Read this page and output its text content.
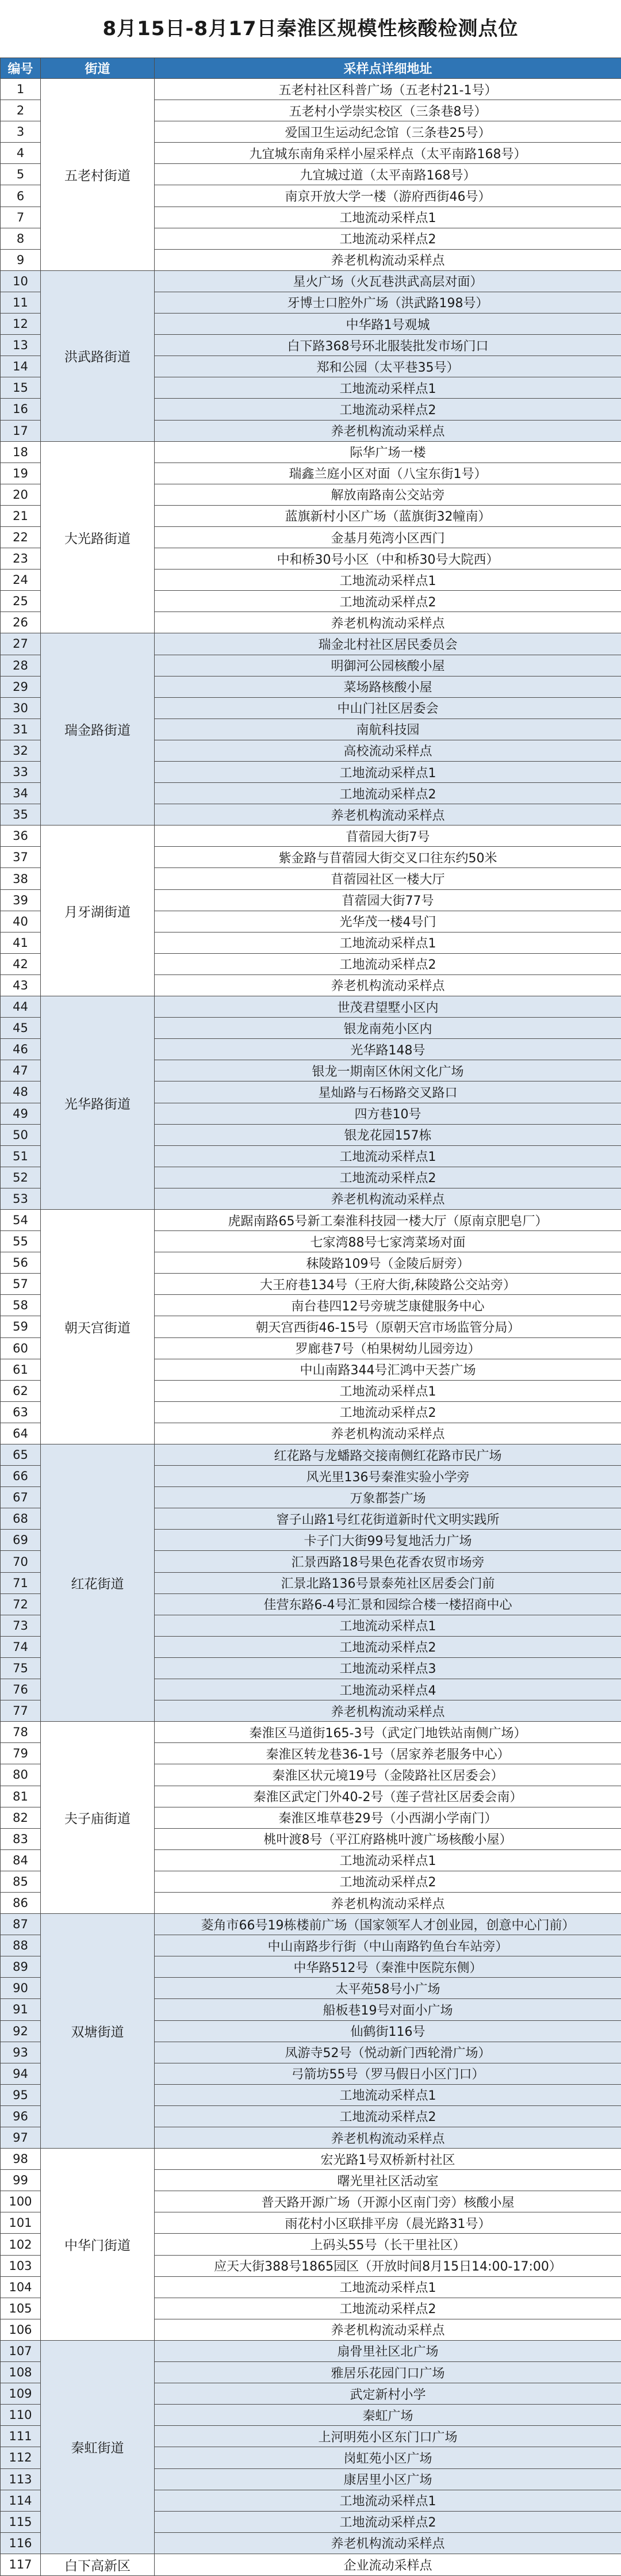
8月15日-8月17日秦淮区规模性核酸检测点位
编号	街道	采样点详细地址
1	五老村街道	五老村社区科普广场（五老村21-1号）
2		五老村小学崇实校区（三条巷8号）
3		爱国卫生运动纪念馆（三条巷25号）
4		九宜城东南角采样小屋采样点（太平南路168号）
5		九宜城过道（太平南路168号）
6		南京开放大学一楼（游府西街46号）
7		工地流动采样点1
8		工地流动采样点2
9		养老机构流动采样点
10	洪武路街道	星火广场（火瓦巷洪武高层对面）
11		牙博士口腔外广场（洪武路198号）
12		中华路1号观城
13		白下路368号环北服装批发市场门口
14		郑和公园（太平巷35号）
15		工地流动采样点1
16		工地流动采样点2
17		养老机构流动采样点
18	大光路街道	际华广场一楼
19		瑞鑫兰庭小区对面（八宝东街1号）
20		解放南路南公交站旁
21		蓝旗新村小区广场（蓝旗街32幢南）
22		金基月苑湾小区西门
23		中和桥30号小区（中和桥30号大院西）
24		工地流动采样点1
25		工地流动采样点2
26		养老机构流动采样点
27	瑞金路街道	瑞金北村社区居民委员会
28		明御河公园核酸小屋
29		菜场路核酸小屋
30		中山门社区居委会
31		南航科技园
32		高校流动采样点
33		工地流动采样点1
34		工地流动采样点2
35		养老机构流动采样点
36	月牙湖街道	苜蓿园大街7号
37		紫金路与苜蓿园大街交叉口往东约50米
38		苜蓿园社区一楼大厅
39		苜蓿园大街77号
40		光华茂一楼4号门
41		工地流动采样点1
42		工地流动采样点2
43		养老机构流动采样点
44	光华路街道	世茂君望墅小区内
45		银龙南苑小区内
46		光华路148号
47		银龙一期南区休闲文化广场
48		星灿路与石杨路交叉路口
49		四方巷10号
50		银龙花园157栋
51		工地流动采样点1
52		工地流动采样点2
53		养老机构流动采样点
54	朝天宫街道	虎踞南路65号新工秦淮科技园一楼大厅（原南京肥皂厂）
55		七家湾88号七家湾菜场对面
56		秣陵路109号（金陵后厨旁）
57		大王府巷134号（王府大街,秣陵路公交站旁）
58		南台巷四12号旁琥芝康健服务中心
59		朝天宫西街46-15号（原朝天宫市场监管分局）
60		罗廊巷7号（柏果树幼儿园旁边）
61		中山南路344号汇鸿中天荟广场
62		工地流动采样点1
63		工地流动采样点2
64		养老机构流动采样点
65	红花街道	红花路与龙蟠路交接南侧红花路市民广场
66		风光里136号秦淮实验小学旁
67		万象都荟广场
68		窨子山路1号红花街道新时代文明实践所
69		卡子门大街99号复地活力广场
70		汇景西路18号果色花香农贸市场旁
71		汇景北路136号景泰苑社区居委会门前
72		佳营东路6-4号汇景和园综合楼一楼招商中心
73		工地流动采样点1
74		工地流动采样点2
75		工地流动采样点3
76		工地流动采样点4
77		养老机构流动采样点
78	夫子庙街道	秦淮区马道街165-3号（武定门地铁站南侧广场）
79		秦淮区转龙巷36-1号（居家养老服务中心）
80		秦淮区状元境19号（金陵路社区居委会）
81		秦淮区武定门外40-2号（莲子营社区居委会南）
82		秦淮区堆草巷29号（小西湖小学南门）
83		桃叶渡8号（平江府路桃叶渡广场核酸小屋）
84		工地流动采样点1
85		工地流动采样点2
86		养老机构流动采样点
87	双塘街道	菱角市66号19栋楼前广场（国家领军人才创业园，创意中心门前）
88		中山南路步行街（中山南路钓鱼台车站旁）
89		中华路512号（秦淮中医院东侧）
90		太平苑58号小广场
91		船板巷19号对面小广场
92		仙鹤街116号
93		凤游寺52号（悦动新门西轮滑广场）
94		弓箭坊55号（罗马假日小区门口）
95		工地流动采样点1
96		工地流动采样点2
97		养老机构流动采样点
98	中华门街道	宏光路1号双桥新村社区
99		曙光里社区活动室
100		普天路开源广场（开源小区南门旁）核酸小屋
101		雨花村小区联排平房（晨光路31号）
102		上码头55号（长干里社区）
103		应天大街388号1865园区（开放时间8月15日14:00-17:00）
104		工地流动采样点1
105		工地流动采样点2
106		养老机构流动采样点
107	秦虹街道	扇骨里社区北广场
108		雅居乐花园门口广场
109		武定新村小学
110		秦虹广场
111		上河明苑小区东门口广场
112		岗虹苑小区广场
113		康居里小区广场
114		工地流动采样点1
115		工地流动采样点2
116		养老机构流动采样点
117	白下高新区	企业流动采样点
